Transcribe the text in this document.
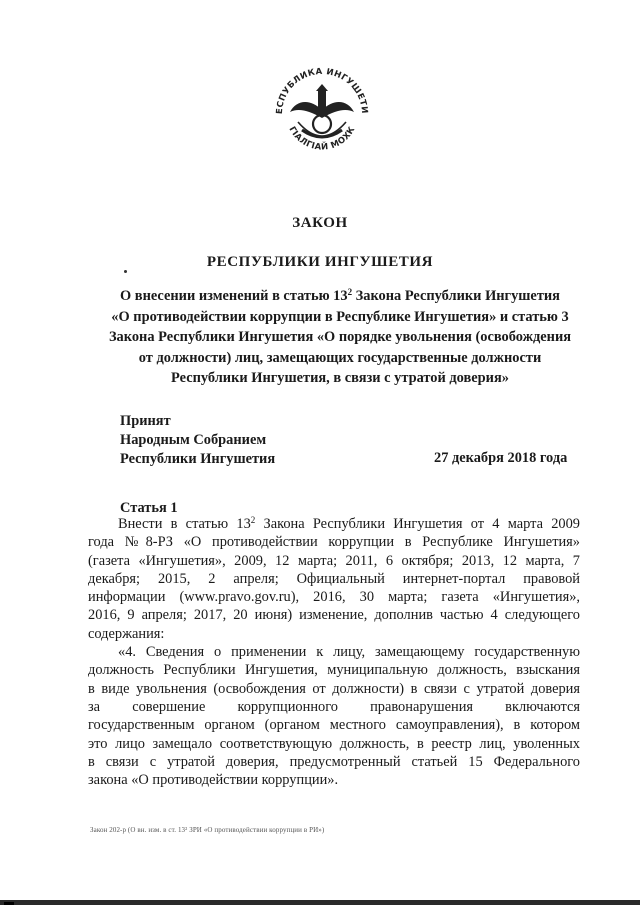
ЕСПУБЛИКА ИНГУШЕТИ
ГIАЛГIАЙ МОХК
ЗАКОН
РЕСПУБЛИКИ ИНГУШЕТИЯ
О внесении изменений в статью $13^2$ Закона Республики Ингушетия
«О противодействии коррупции в Республике Ингушетия» и статью 3
Закона Республики Ингушетия «О порядке увольнения (освобождения
от должности) лиц, замещающих государственные должности
Республики Ингушетия, в связи с утратой доверия»
Принят
Народным Собранием
Республики Ингушетия	27 декабря 2018 года
Статья 1
Внести в статью $13^2$ Закона Республики Ингушетия от 4 марта 2009
года №8-РЗ «О противодействии коррупции в Республике Ингушетия»
(газета «Ингушетия», 2009, 12 марта; 2011, 6 октября; 2013, 12 марта, 7
декабря; 2015, 2 апреля; Официальный интернет-портал правовой
информации (www.pravo.gov.ru), 2016, 30 марта; газета «Ингушетия»,
2016, 9 апреля; 2017, 20 июня) изменение, дополнив частью 4 следующего
содержания:
«4. Сведения о применении к лицу, замещающему государственную
должность Республики Ингушетия, муниципальную должность, взыскания
в виде увольнения (освобождения от должности) в связи с утратой доверия
за совершение коррупционного правонарушения включаются
государственным органом (органом местного самоуправления), в котором
это лицо замещало соответствующую должность, в реестр лиц, уволенных
в связи с утратой доверия, предусмотренный статьей 15 Федерального
закона «О противодействии коррупции».
Закон 202-р (О вн. изм. в ст. 13² ЗРИ «О противодействии коррупции в РИ»)
